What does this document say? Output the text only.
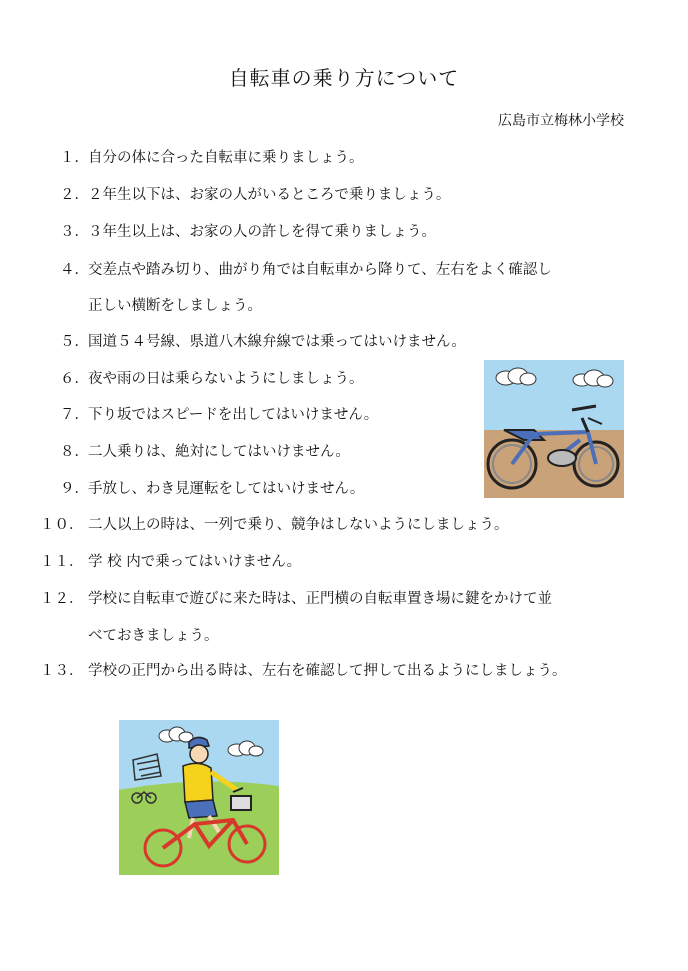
自転車の乗り方について
広島市立梅林小学校
１． 自分の体に合った自転車に乗りましょう。
２． ２年生以下は、お家の人がいるところで乗りましょう。
３． ３年生以上は、お家の人の許しを得て乗りましょう。
４． 交差点や踏み切り、曲がり角では自転車から降りて、左右をよく確認し
正しい横断をしましょう。
５． 国道５４号線、県道八木線弁線では乗ってはいけません。
６． 夜や雨の日は乗らないようにしましょう。
７． 下り坂ではスピードを出してはいけません。
８． 二人乗りは、絶対にしてはいけません。
９． 手放し、わき見運転をしてはいけません。
１０． 二人以上の時は、一列で乗り、競争はしないようにしましょう。
１１． 学 校 内で乗ってはいけません。
１２． 学校に自転車で遊びに来た時は、正門横の自転車置き場に鍵をかけて並
べておきましょう。
１３． 学校の正門から出る時は、左右を確認して押して出るようにしましょう。
